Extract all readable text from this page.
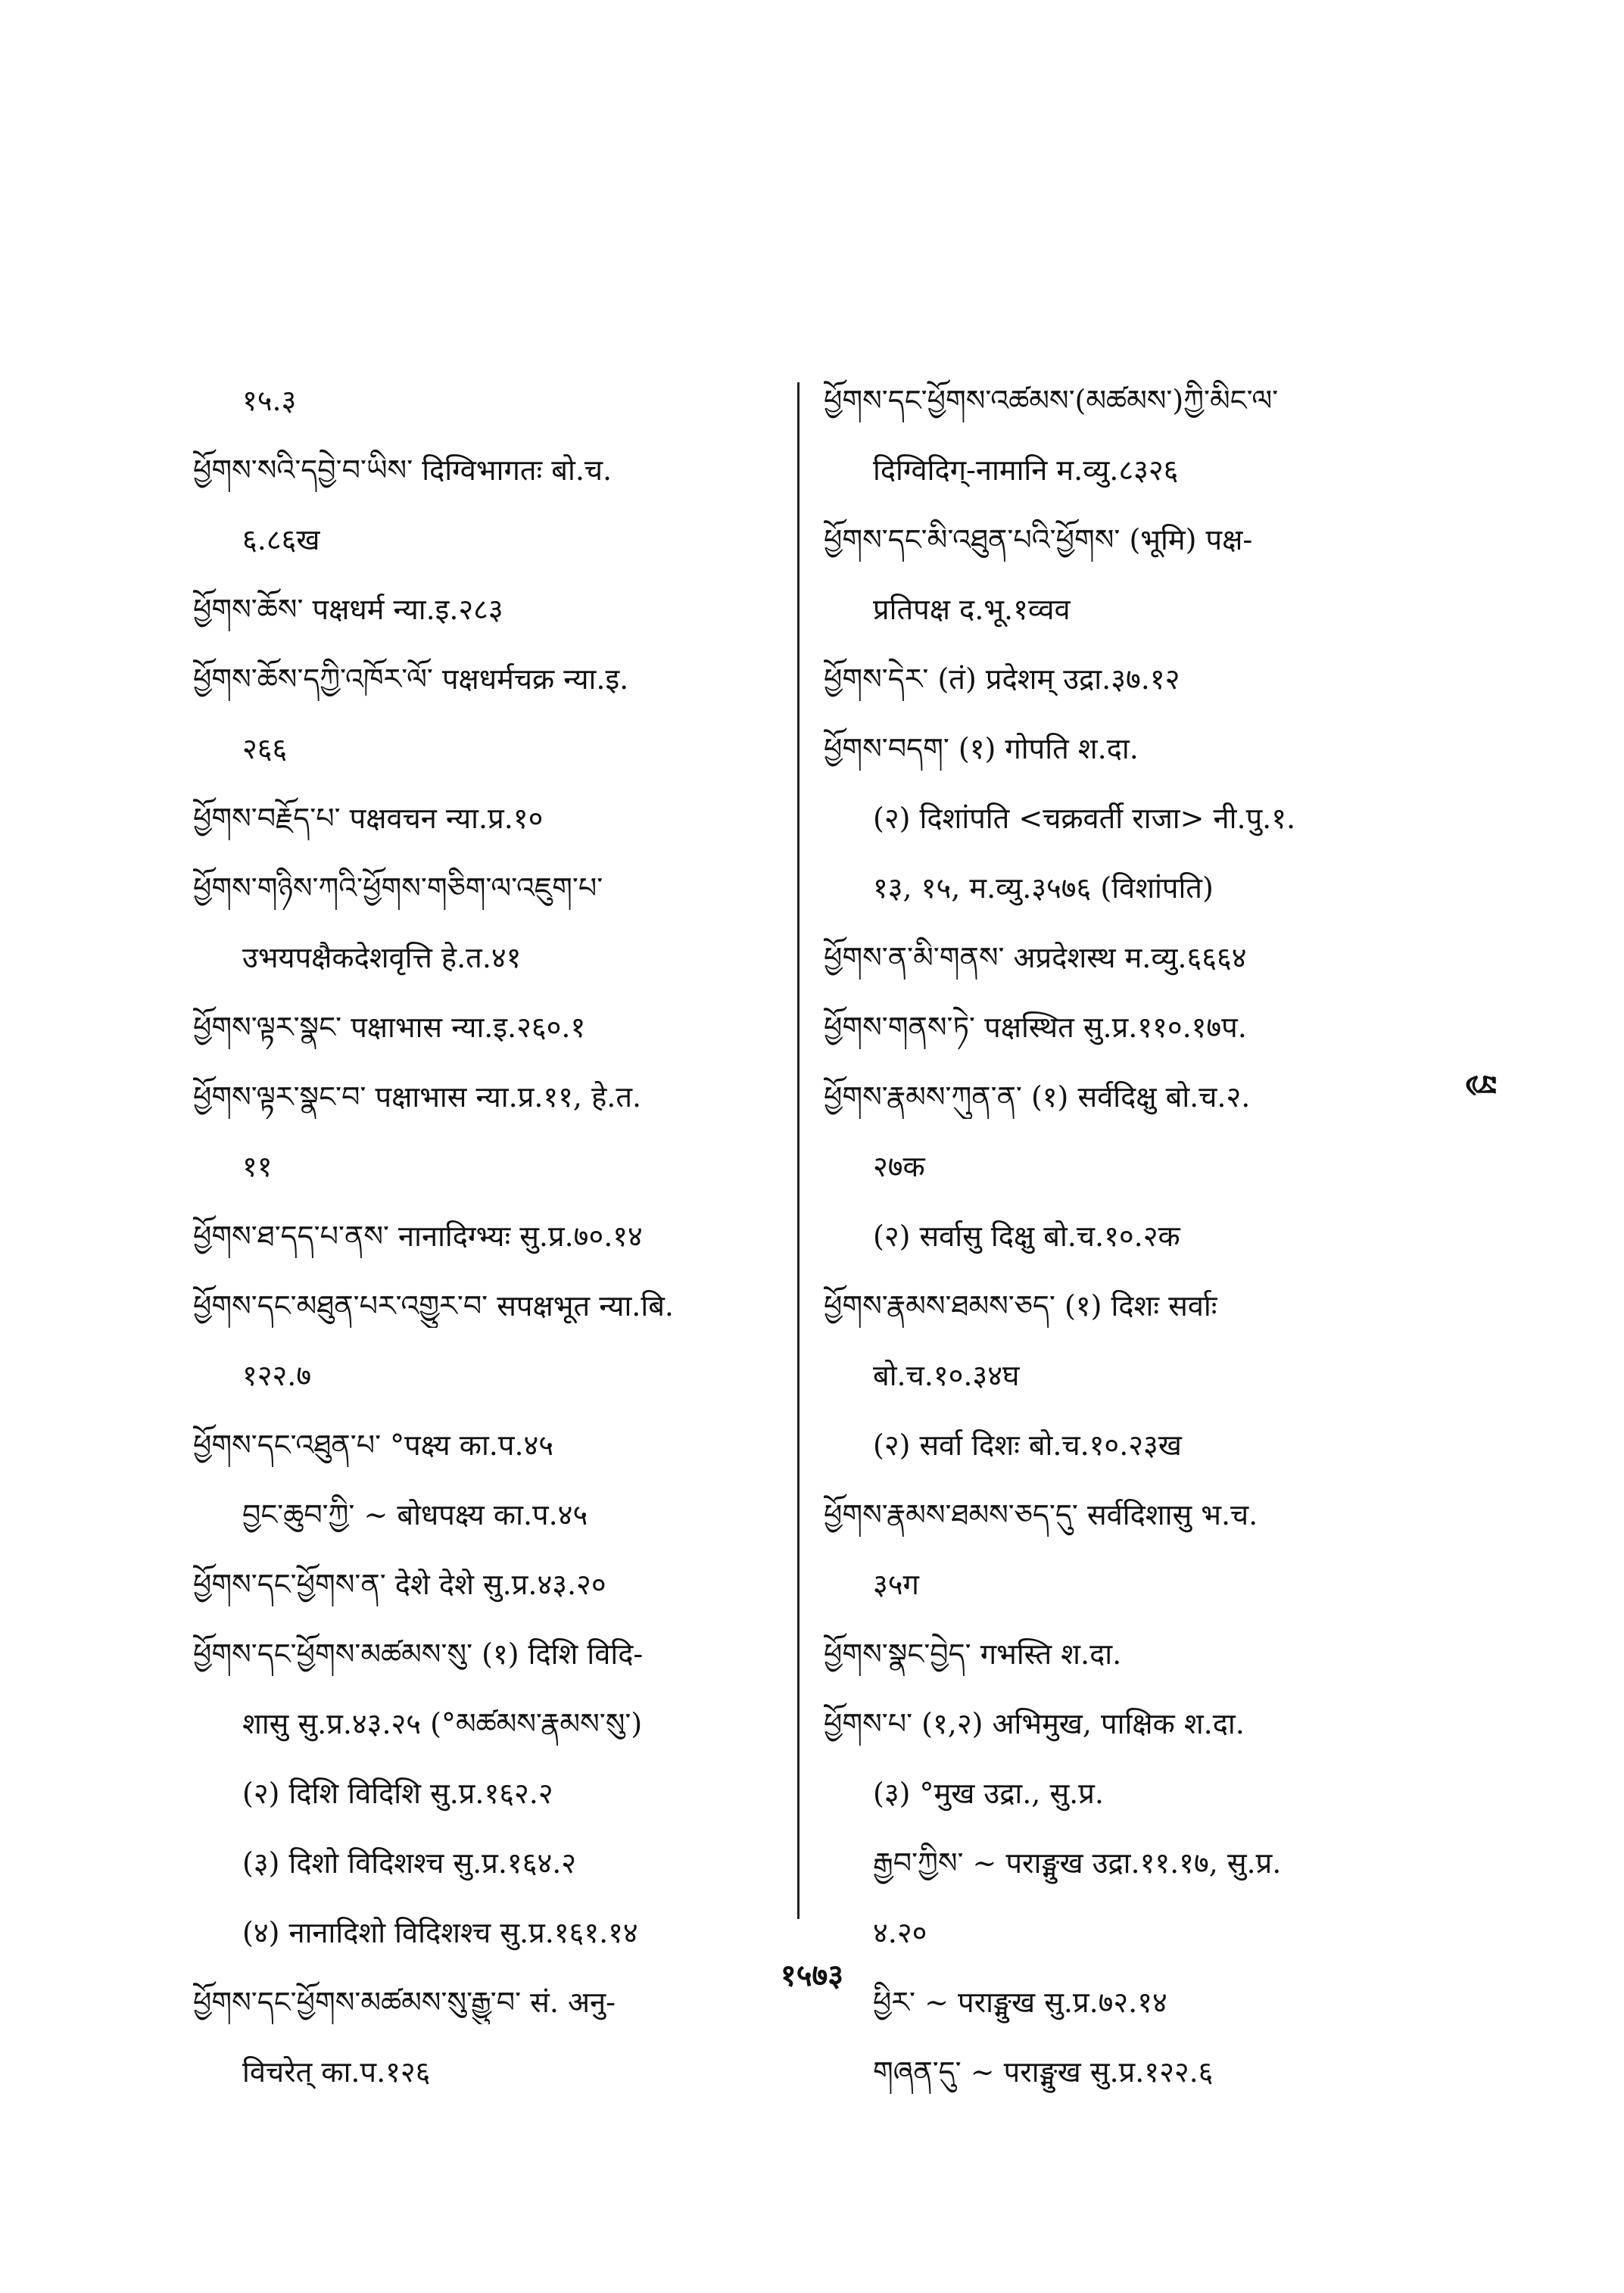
१५.३
ཕྱོགས་སའི་དབྱེ་བ་ཡིས་ दिग्विभागतः बो.च.
६.८६ख
ཕྱོགས་ཆོས་ पक्षधर्म न्या.इ.२८३
ཕྱོགས་ཆོས་དཀྱི་འཁོར་ལོ་ पक्षधर्मचक्र न्या.इ.
२६६
ཕྱོགས་བརྗོད་པ་ पक्षवचन न्या.प्र.१०
ཕྱོགས་གཉིས་ཀའི་ཕྱོགས་གཅིག་ལ་འཇུག་པ་
उभयपक्षैकदेशवृत्ति हे.त.४१
ཕྱོགས་ལྟར་སྣང་ पक्षाभास न्या.इ.२६०.१
ཕྱོགས་ལྟར་སྣང་བ་ पक्षाभास न्या.प्र.११, हे.त.
११
ཕྱོགས་ཐ་དད་པ་ནས་ नानादिग्भ्यः सु.प्र.७०.१४
ཕྱོགས་དང་མཐུན་པར་འགྱུར་བ་ सपक्षभूत न्या.बि.
१२२.७
ཕྱོགས་དང་འཐུན་པ་ °पक्ष्य का.प.४५
བྱང་ཆུབ་ཀྱི་ ~ बोधपक्ष्य का.प.४५
ཕྱོགས་དང་ཕྱོགས་ན་ देशे देशे सु.प्र.४३.२०
ཕྱོགས་དང་ཕྱོགས་མཚམས་སུ་ (१) दिशि विदि-
शासु सु.प्र.४३.२५ (°མཚམས་རྣམས་སུ་)
(२) दिशि विदिशि सु.प्र.१६२.२
(३) दिशो विदिशश्च सु.प्र.१६४.२
(४) नानादिशो विदिशश्च सु.प्र.१६१.१४
ཕྱོགས་དང་ཕྱོགས་མཚམས་སུ་རྒྱུ་བ་ सं. अनु-
विचरेत् का.प.१२६
ཕྱོགས་དང་ཕྱོགས་འཚམས་(མཚམས་)ཀྱི་མིང་ལ་
दिग्विदिग्-नामानि म.व्यु.८३२६
ཕྱོགས་དང་མི་འཐུན་པའི་ཕྱོགས་ (भूमि) पक्ष-
प्रतिपक्ष द.भू.१व्वव
ཕྱོགས་དེར་ (तं) प्रदेशम् उद्रा.३७.१२
ཕྱོགས་བདག་ (१) गोपति श.दा.
(२) दिशांपति <चक्रवर्ती राजा> नी.पु.१.
१३, १५, म.व्यु.३५७६ (विशांपति)
ཕྱོགས་ན་མི་གནས་ अप्रदेशस्थ म.व्यु.६६६४
ཕྱོགས་གནས་ཏེ་ पक्षस्थित सु.प्र.११०.१७प.
ཕྱོགས་རྣམས་ཀུན་ན་ (१) सर्वदिक्षु बो.च.२.
२७क
(२) सर्वासु दिक्षु बो.च.१०.२क
ཕྱོགས་རྣམས་ཐམས་ཅད་ (१) दिशः सर्वाः
बो.च.१०.३४घ
(२) सर्वा दिशः बो.च.१०.२३ख
ཕྱོགས་རྣམས་ཐམས་ཅད་དུ་ सर्वदिशासु भ.च.
३५ग
ཕྱོགས་སྣང་བྱེད་ गभस्ति श.दा.
ཕྱོགས་པ་ (१,२) अभिमुख, पाक्षिक श.दा.
(३) °मुख उद्रा., सु.प्र.
རྒྱབ་ཀྱིས་ ~ पराङ्मुख उद्रा.११.१७, सु.प्र.
४.२०
ཕྱིར་ ~ पराङ्मुख सु.प्र.७२.१४
གཞན་དུ་ ~ पराङ्मुख सु.प्र.१२२.६
ཕྱ
१५७३
